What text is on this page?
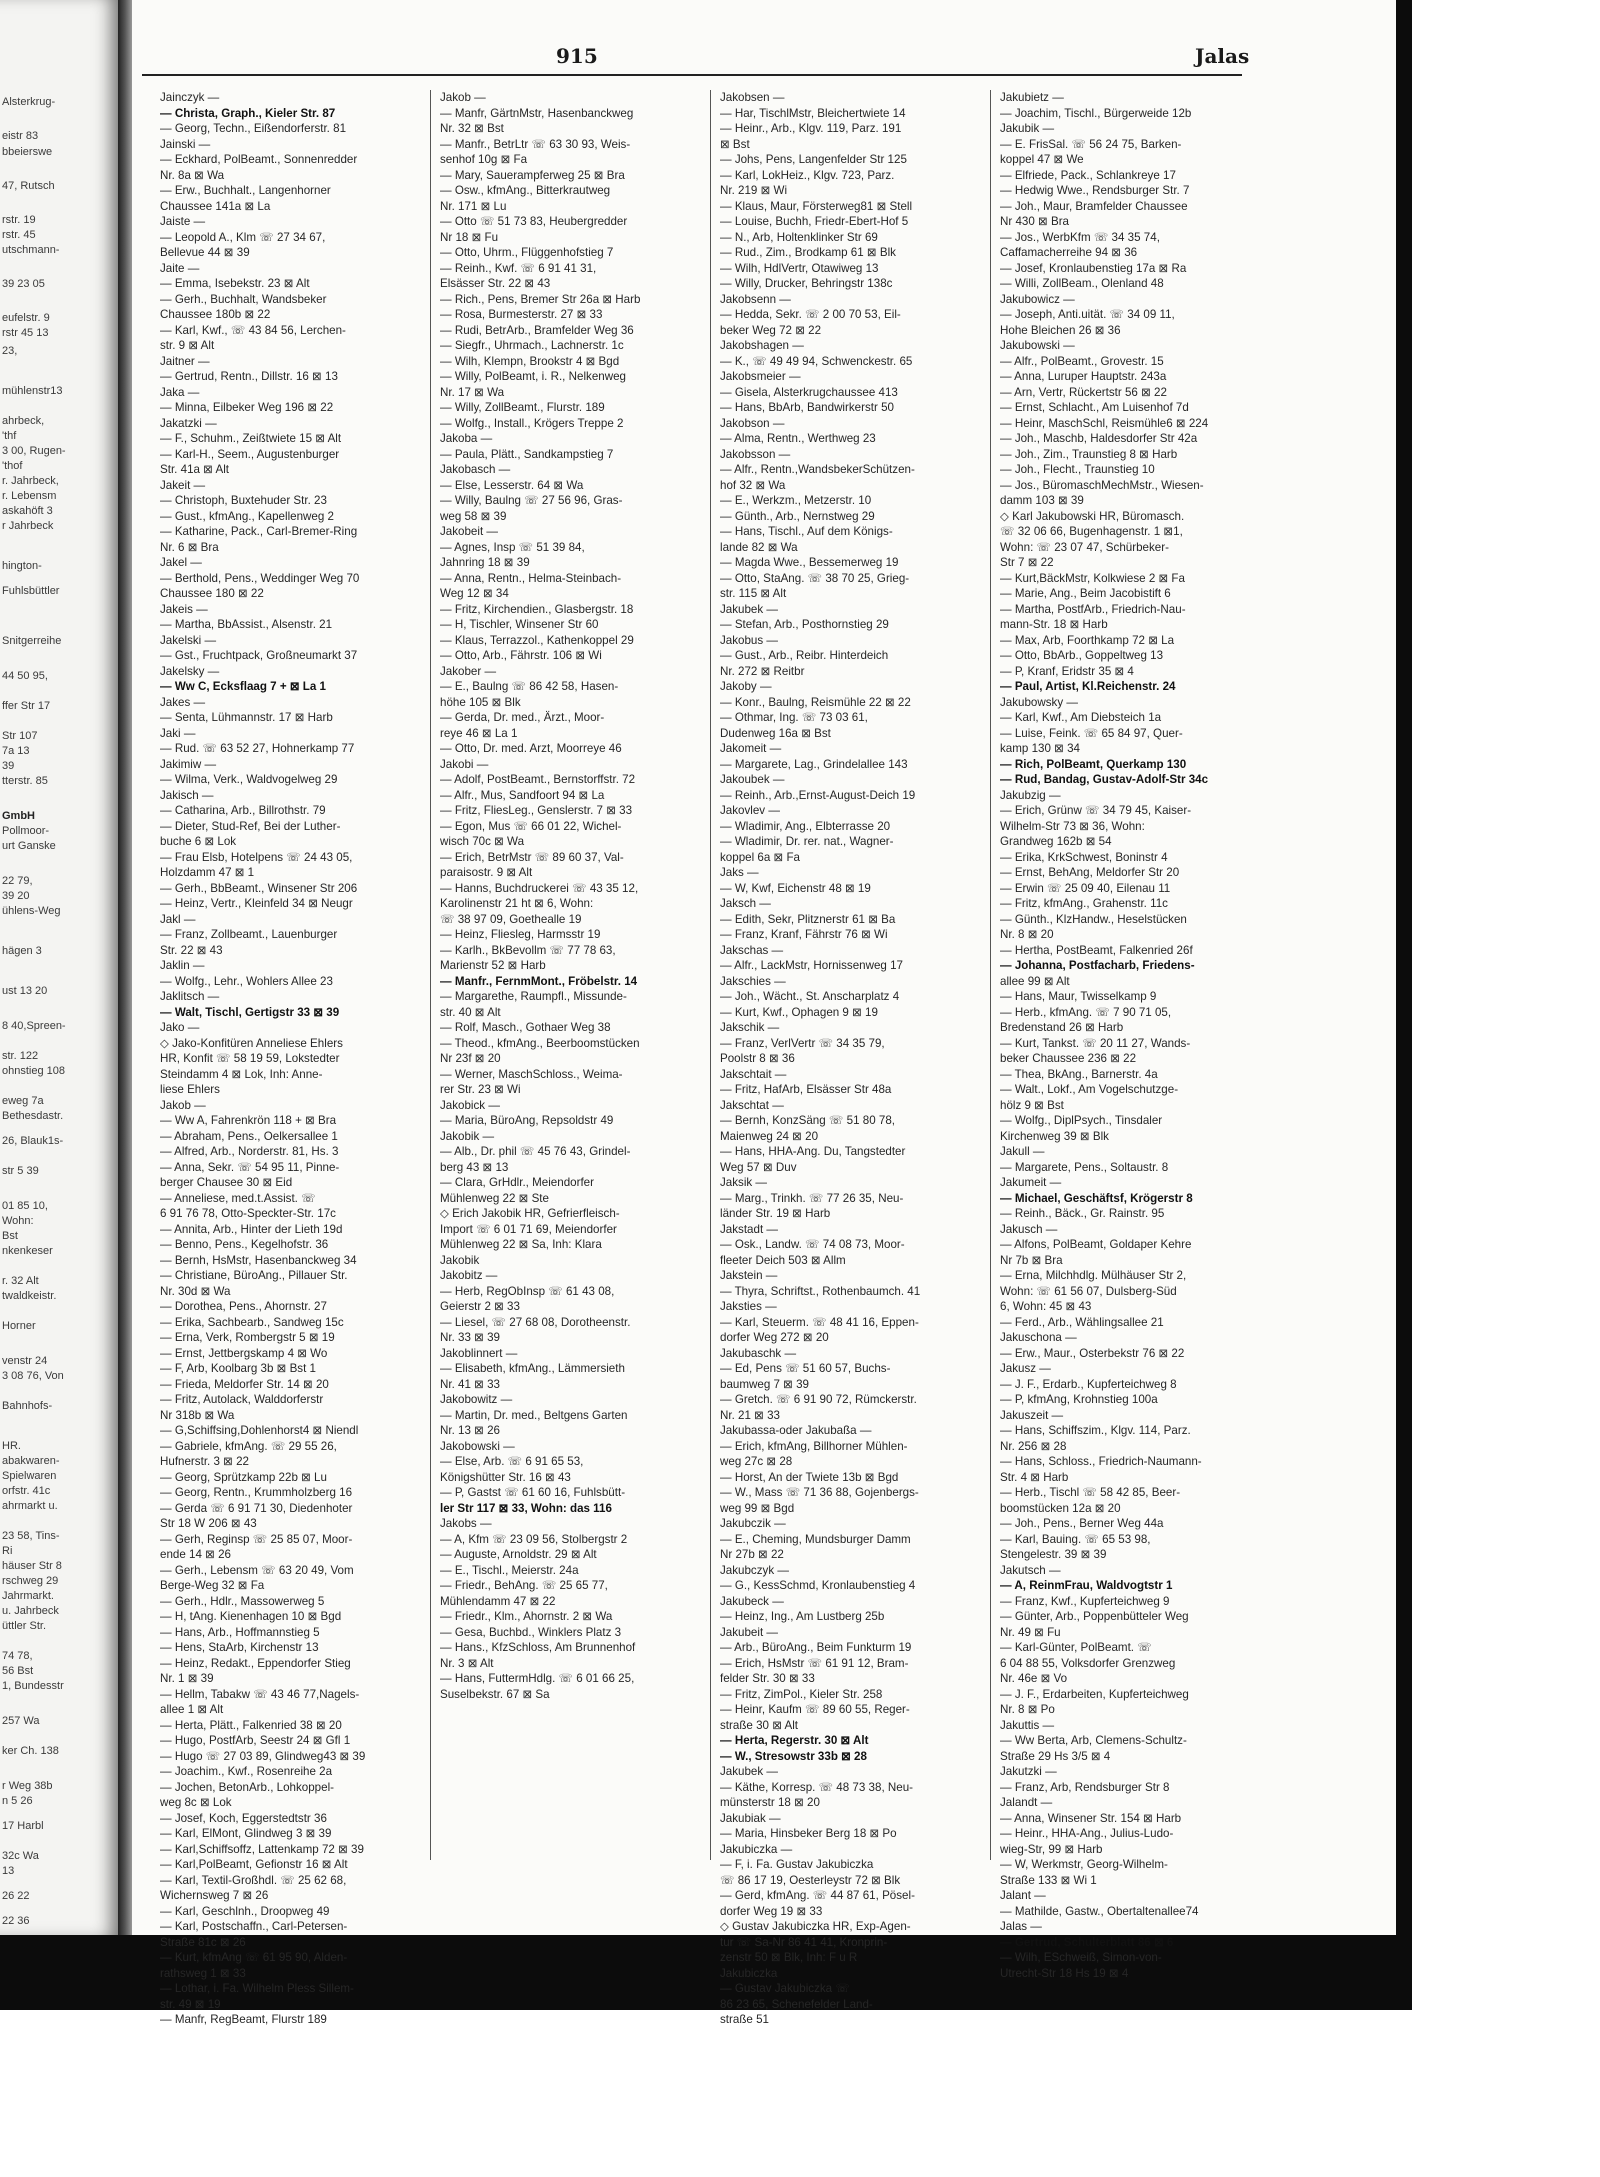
Alsterkrug-
eistr 83
bbeierswe
47, Rutsch
rstr. 19
rstr. 45
utschmann-
39 23 05
eufelstr. 9
rstr 45 13
23,
mühlenstr13
ahrbeck,
'thf
3 00, Rugen-
'thof
r. Jahrbeck,
r. Lebensm
askahöft 3
r Jahrbeck
hington-
Fuhlsbüttler
Snitgerreihe
44 50 95,
ffer Str 17
Str 107
7a 13
39
tterstr. 85
GmbH
Pollmoor-
urt Ganske
22 79,
39 20
ühlens-Weg
hägen 3
ust 13 20
8 40,Spreen-
str. 122
ohnstieg 108
eweg 7a
Bethesdastr.
26, Blauk1s-
str 5 39
01 85 10,
Wohn:
Bst
nkenkeser
r. 32 Alt
twaldkeistr.
Horner
venstr 24
3 08 76, Von
Bahnhofs-
HR.
abakwaren-
Spielwaren
orfstr. 41c
ahrmarkt u.
23 58, Tins-
Ri
häuser Str 8
rschweg 29
Jahrmarkt.
u. Jahrbeck
üttler Str.
74 78,
56 Bst
1, Bundesstr
257 Wa
ker Ch. 138
r Weg 38b
n 5 26
17 Harbl
32c Wa
13
26 22
22 36
915	Jalas
Jainczyk —
— Christa, Graph., Kieler Str. 87
— Georg, Techn., Eißendorferstr. 81
Jainski —
— Eckhard, PolBeamt., Sonnenredder
Nr. 8a ⊠ Wa
— Erw., Buchhalt., Langenhorner
Chaussee 141a ⊠ La
Jaiste —
— Leopold A., Klm ☏ 27 34 67,
Bellevue 44 ⊠ 39
Jaite —
— Emma, Isebekstr. 23 ⊠ Alt
— Gerh., Buchhalt, Wandsbeker
Chaussee 180b ⊠ 22
— Karl, Kwf., ☏ 43 84 56, Lerchen-
str. 9 ⊠ Alt
Jaitner —
— Gertrud, Rentn., Dillstr. 16 ⊠ 13
Jaka —
— Minna, Eilbeker Weg 196 ⊠ 22
Jakatzki —
— F., Schuhm., Zeißtwiete 15 ⊠ Alt
— Karl-H., Seem., Augustenburger
Str. 41a ⊠ Alt
Jakeit —
— Christoph, Buxtehuder Str. 23
— Gust., kfmAng., Kapellenweg 2
— Katharine, Pack., Carl-Bremer-Ring
Nr. 6 ⊠ Bra
Jakel —
— Berthold, Pens., Weddinger Weg 70
Chaussee 180 ⊠ 22
Jakeis —
— Martha, BbAssist., Alsenstr. 21
Jakelski —
— Gst., Fruchtpack, Großneumarkt 37
Jakelsky —
— Ww C, Ecksflaag 7 + ⊠ La 1
Jakes —
— Senta, Lühmannstr. 17 ⊠ Harb
Jaki —
— Rud. ☏ 63 52 27, Hohnerkamp 77
Jakimiw —
— Wilma, Verk., Waldvogelweg 29
Jakisch —
— Catharina, Arb., Billrothstr. 79
— Dieter, Stud-Ref, Bei der Luther-
buche 6 ⊠ Lok
— Frau Elsb, Hotelpens ☏ 24 43 05,
Holzdamm 47 ⊠ 1
— Gerh., BbBeamt., Winsener Str 206
— Heinz, Vertr., Kleinfeld 34 ⊠ Neugr
Jakl —
— Franz, Zollbeamt., Lauenburger
Str. 22 ⊠ 43
Jaklin —
— Wolfg., Lehr., Wohlers Allee 23
Jaklitsch —
— Walt, Tischl, Gertigstr 33 ⊠ 39
Jako —
◇ Jako-Konfitüren Anneliese Ehlers
HR, Konfit ☏ 58 19 59, Lokstedter
Steindamm 4 ⊠ Lok, Inh: Anne-
liese Ehlers
Jakob —
— Ww A, Fahrenkrön 118 + ⊠ Bra
— Abraham, Pens., Oelkersallee 1
— Alfred, Arb., Norderstr. 81, Hs. 3
— Anna, Sekr. ☏ 54 95 11, Pinne-
berger Chausee 30 ⊠ Eid
— Anneliese, med.t.Assist. ☏
6 91 76 78, Otto-Speckter-Str. 17c
— Annita, Arb., Hinter der Lieth 19d
— Benno, Pens., Kegelhofstr. 36
— Bernh, HsMstr, Hasenbanckweg 34
— Christiane, BüroAng., Pillauer Str.
Nr. 30d ⊠ Wa
— Dorothea, Pens., Ahornstr. 27
— Erika, Sachbearb., Sandweg 15c
— Erna, Verk, Rombergstr 5 ⊠ 19
— Ernst, Jettbergskamp 4 ⊠ Wo
— F, Arb, Koolbarg 3b ⊠ Bst 1
— Frieda, Meldorfer Str. 14 ⊠ 20
— Fritz, Autolack, Walddorferstr
Nr 318b ⊠ Wa
— G,Schiffsing,Dohlenhorst4 ⊠ Niendl
— Gabriele, kfmAng. ☏ 29 55 26,
Hufnerstr. 3 ⊠ 22
— Georg, Sprützkamp 22b ⊠ Lu
— Georg, Rentn., Krummholzberg 16
— Gerda ☏ 6 91 71 30, Diedenhoter
Str 18 W 206 ⊠ 43
— Gerh, Reginsp ☏ 25 85 07, Moor-
ende 14 ⊠ 26
— Gerh., Lebensm ☏ 63 20 49, Vom
Berge-Weg 32 ⊠ Fa
— Gerh., Hdlr., Massowerweg 5
— H, tAng. Kienenhagen 10 ⊠ Bgd
— Hans, Arb., Hoffmannstieg 5
— Hens, StaArb, Kirchenstr 13
— Heinz, Redakt., Eppendorfer Stieg
Nr. 1 ⊠ 39
— Hellm, Tabakw ☏ 43 46 77,Nagels-
allee 1 ⊠ Alt
— Herta, Plätt., Falkenried 38 ⊠ 20
— Hugo, PostfArb, Seestr 24 ⊠ Gfl 1
— Hugo ☏ 27 03 89, Glindweg43 ⊠ 39
— Joachim., Kwf., Rosenreihe 2a
— Jochen, BetonArb., Lohkoppel-
weg 8c ⊠ Lok
— Josef, Koch, Eggerstedtstr 36
— Karl, ElMont, Glindweg 3 ⊠ 39
— Karl,Schiffsoffz, Lattenkamp 72 ⊠ 39
— Karl,PolBeamt, Gefionstr 16 ⊠ Alt
— Karl, Textil-Großhdl. ☏ 25 62 68,
Wichernsweg 7 ⊠ 26
— Karl, Geschlnh., Droopweg 49
— Karl, Postschaffn., Carl-Petersen-
Straße 81c ⊠ 26
— Kurt, kfmAng ☏ 61 95 90, Alden-
rathsweg 1 ⊠ 33
— Lothar, i. Fa. Wilhelm Pless Sillem-
str. 49 ⊠ 19
— Manfr, RegBeamt, Flurstr 189
Jakob —
— Manfr, GärtnMstr, Hasenbanckweg
Nr. 32 ⊠ Bst
— Manfr., BetrLtr ☏ 63 30 93, Weis-
senhof 10g ⊠ Fa
— Mary, Sauerampferweg 25 ⊠ Bra
— Osw., kfmAng., Bitterkrautweg
Nr. 171 ⊠ Lu
— Otto ☏ 51 73 83, Heubergredder
Nr 18 ⊠ Fu
— Otto, Uhrm., Flüggenhofstieg 7
— Reinh., Kwf. ☏ 6 91 41 31,
Elsässer Str. 22 ⊠ 43
— Rich., Pens, Bremer Str 26a ⊠ Harb
— Rosa, Burmesterstr. 27 ⊠ 33
— Rudi, BetrArb., Bramfelder Weg 36
— Siegfr., Uhrmach., Lachnerstr. 1c
— Wilh, Klempn, Brookstr 4 ⊠ Bgd
— Willy, PolBeamt, i. R., Nelkenweg
Nr. 17 ⊠ Wa
— Willy, ZollBeamt., Flurstr. 189
— Wolfg., Install., Krögers Treppe 2
Jakoba —
— Paula, Plätt., Sandkampstieg 7
Jakobasch —
— Else, Lesserstr. 64 ⊠ Wa
— Willy, Baulng ☏ 27 56 96, Gras-
weg 58 ⊠ 39
Jakobeit —
— Agnes, Insp ☏ 51 39 84,
Jahnring 18 ⊠ 39
— Anna, Rentn., Helma-Steinbach-
Weg 12 ⊠ 34
— Fritz, Kirchendien., Glasbergstr. 18
— H, Tischler, Winsener Str 60
— Klaus, Terrazzol., Kathenkoppel 29
— Otto, Arb., Fährstr. 106 ⊠ Wi
Jakober —
— E., Baulng ☏ 86 42 58, Hasen-
höhe 105 ⊠ Blk
— Gerda, Dr. med., Ärzt., Moor-
reye 46 ⊠ La 1
— Otto, Dr. med. Arzt, Moorreye 46
Jakobi —
— Adolf, PostBeamt., Bernstorffstr. 72
— Alfr., Mus, Sandfoort 94 ⊠ La
— Fritz, FliesLeg., Genslerstr. 7 ⊠ 33
— Egon, Mus ☏ 66 01 22, Wichel-
wisch 70c ⊠ Wa
— Erich, BetrMstr ☏ 89 60 37, Val-
paraisostr. 9 ⊠ Alt
— Hanns, Buchdruckerei ☏ 43 35 12,
Karolinenstr 21 ht ⊠ 6, Wohn:
☏ 38 97 09, Goethealle 19
— Heinz, Fliesleg, Harmsstr 19
— Karlh., BkBevollm ☏ 77 78 63,
Marienstr 52 ⊠ Harb
— Manfr., FernmMont., Fröbelstr. 14
— Margarethe, Raumpfl., Missunde-
str. 40 ⊠ Alt
— Rolf, Masch., Gothaer Weg 38
— Theod., kfmAng., Beerboomstücken
Nr 23f ⊠ 20
— Werner, MaschSchloss., Weima-
rer Str. 23 ⊠ Wi
Jakobick —
— Maria, BüroAng, Repsoldstr 49
Jakobik —
— Alb., Dr. phil ☏ 45 76 43, Grindel-
berg 43 ⊠ 13
— Clara, GrHdlr., Meiendorfer
Mühlenweg 22 ⊠ Ste
◇ Erich Jakobik HR, Gefrierfleisch-
Import ☏ 6 01 71 69, Meiendorfer
Mühlenweg 22 ⊠ Sa, Inh: Klara
Jakobik
Jakobitz —
— Herb, RegObInsp ☏ 61 43 08,
Geierstr 2 ⊠ 33
— Liesel, ☏ 27 68 08, Dorotheenstr.
Nr. 33 ⊠ 39
Jakoblinnert —
— Elisabeth, kfmAng., Lämmersieth
Nr. 41 ⊠ 33
Jakobowitz —
— Martin, Dr. med., Beltgens Garten
Nr. 13 ⊠ 26
Jakobowski —
— Else, Arb. ☏ 6 91 65 53,
Königshütter Str. 16 ⊠ 43
— P, Gastst ☏ 61 60 16, Fuhlsbütt-
ler Str 117 ⊠ 33, Wohn: das 116
Jakobs —
— A, Kfm ☏ 23 09 56, Stolbergstr 2
— Auguste, Arnoldstr. 29 ⊠ Alt
— E., Tischl., Meierstr. 24a
— Friedr., BehAng. ☏ 25 65 77,
Mühlendamm 47 ⊠ 22
— Friedr., Klm., Ahornstr. 2 ⊠ Wa
— Gesa, Buchbd., Winklers Platz 3
— Hans., KfzSchloss, Am Brunnenhof
Nr. 3 ⊠ Alt
— Hans, FuttermHdlg. ☏ 6 01 66 25,
Suselbekstr. 67 ⊠ Sa
Jakobsen —
— Har, TischlMstr, Bleichertwiete 14
— Heinr., Arb., Klgv. 119, Parz. 191
⊠ Bst
— Johs, Pens, Langenfelder Str 125
— Karl, LokHeiz., Klgv. 723, Parz.
Nr. 219 ⊠ Wi
— Klaus, Maur, Försterweg81 ⊠ Stell
— Louise, Buchh, Friedr-Ebert-Hof 5
— N., Arb, Holtenklinker Str 69
— Rud., Zim., Brodkamp 61 ⊠ Blk
— Wilh, HdlVertr, Otawiweg 13
— Willy, Drucker, Behringstr 138c
Jakobsenn —
— Hedda, Sekr. ☏ 2 00 70 53, Eil-
beker Weg 72 ⊠ 22
Jakobshagen —
— K., ☏ 49 49 94, Schwenckestr. 65
Jakobsmeier —
— Gisela, Alsterkrugchaussee 413
— Hans, BbArb, Bandwirkerstr 50
Jakobson —
— Alma, Rentn., Werthweg 23
Jakobsson —
— Alfr., Rentn.,WandsbekerSchützen-
hof 32 ⊠ Wa
— E., Werkzm., Metzerstr. 10
— Günth., Arb., Nernstweg 29
— Hans, Tischl., Auf dem Königs-
lande 82 ⊠ Wa
— Magda Wwe., Bessemerweg 19
— Otto, StaAng. ☏ 38 70 25, Grieg-
str. 115 ⊠ Alt
Jakubek —
— Stefan, Arb., Posthornstieg 29
Jakobus —
— Gust., Arb., Reibr. Hinterdeich
Nr. 272 ⊠ Reitbr
Jakoby —
— Konr., Baulng, Reismühle 22 ⊠ 22
— Othmar, Ing. ☏ 73 03 61,
Dudenweg 16a ⊠ Bst
Jakomeit —
— Margarete, Lag., Grindelallee 143
Jakoubek —
— Reinh., Arb.,Ernst-August-Deich 19
Jakovlev —
— Wladimir, Ang., Elbterrasse 20
— Wladimir, Dr. rer. nat., Wagner-
koppel 6a ⊠ Fa
Jaks —
— W, Kwf, Eichenstr 48 ⊠ 19
Jaksch —
— Edith, Sekr, Plitznerstr 61 ⊠ Ba
— Franz, Kranf, Fährstr 76 ⊠ Wi
Jakschas —
— Alfr., LackMstr, Hornissenweg 17
Jakschies —
— Joh., Wächt., St. Anscharplatz 4
— Kurt, Kwf., Ophagen 9 ⊠ 19
Jakschik —
— Franz, VerlVertr ☏ 34 35 79,
Poolstr 8 ⊠ 36
Jakschtait —
— Fritz, HafArb, Elsässer Str 48a
Jakschtat —
— Bernh, KonzSäng ☏ 51 80 78,
Maienweg 24 ⊠ 20
— Hans, HHA-Ang. Du, Tangstedter
Weg 57 ⊠ Duv
Jaksik —
— Marg., Trinkh. ☏ 77 26 35, Neu-
länder Str. 19 ⊠ Harb
Jakstadt —
— Osk., Landw. ☏ 74 08 73, Moor-
fleeter Deich 503 ⊠ Allm
Jakstein —
— Thyra, Schriftst., Rothenbaumch. 41
Jaksties —
— Karl, Steuerm. ☏ 48 41 16, Eppen-
dorfer Weg 272 ⊠ 20
Jakubaschk —
— Ed, Pens ☏ 51 60 57, Buchs-
baumweg 7 ⊠ 39
— Gretch. ☏ 6 91 90 72, Rümckerstr.
Nr. 21 ⊠ 33
Jakubassa-oder Jakubaßa —
— Erich, kfmAng, Billhorner Mühlen-
weg 27c ⊠ 28
— Horst, An der Twiete 13b ⊠ Bgd
— W., Mass ☏ 71 36 88, Gojenbergs-
weg 99 ⊠ Bgd
Jakubczik —
— E., Cheming, Mundsburger Damm
Nr 27b ⊠ 22
Jakubczyk —
— G., KessSchmd, Kronlaubenstieg 4
Jakubeck —
— Heinz, Ing., Am Lustberg 25b
Jakubeit —
— Arb., BüroAng., Beim Funkturm 19
— Erich, HsMstr ☏ 61 91 12, Bram-
felder Str. 30 ⊠ 33
— Fritz, ZimPol., Kieler Str. 258
— Heinr, Kaufm ☏ 89 60 55, Reger-
straße 30 ⊠ Alt
— Herta, Regerstr. 30 ⊠ Alt
— W., Stresowstr 33b ⊠ 28
Jakubek —
— Käthe, Korresp. ☏ 48 73 38, Neu-
münsterstr 18 ⊠ 20
Jakubiak —
— Maria, Hinsbeker Berg 18 ⊠ Po
Jakubiczka —
— F, i. Fa. Gustav Jakubiczka
☏ 86 17 19, Oesterleystr 72 ⊠ Blk
— Gerd, kfmAng. ☏ 44 87 61, Pösel-
dorfer Weg 19 ⊠ 33
◇ Gustav Jakubiczka HR, Exp-Agen-
tur ☏ Sa-Nr 86 41 41, Kronprin-
zenstr 50 ⊠ Blk, Inh: F u R
Jakubiczka
— Gustav Jakubiczka ☏
86 23 65, Schenefelder Land-
straße 51
Jakubietz —
— Joachim, Tischl., Bürgerweide 12b
Jakubik —
— E. FrisSal. ☏ 56 24 75, Barken-
koppel 47 ⊠ We
— Elfriede, Pack., Schlankreye 17
— Hedwig Wwe., Rendsburger Str. 7
— Joh., Maur, Bramfelder Chaussee
Nr 430 ⊠ Bra
— Jos., WerbKfm ☏ 34 35 74,
Caffamacherreihe 94 ⊠ 36
— Josef, Kronlaubenstieg 17a ⊠ Ra
— Willi, ZollBeam., Olenland 48
Jakubowicz —
— Joseph, Anti.uität. ☏ 34 09 11,
Hohe Bleichen 26 ⊠ 36
Jakubowski —
— Alfr., PolBeamt., Grovestr. 15
— Anna, Luruper Hauptstr. 243a
— Arn, Vertr, Rückertstr 56 ⊠ 22
— Ernst, Schlacht., Am Luisenhof 7d
— Heinr, MaschSchl, Reismühle6 ⊠ 224
— Joh., Maschb, Haldesdorfer Str 42a
— Joh., Zim., Traunstieg 8 ⊠ Harb
— Joh., Flecht., Traunstieg 10
— Jos., BüromaschMechMstr., Wiesen-
damm 103 ⊠ 39
◇ Karl Jakubowski HR, Büromasch.
☏ 32 06 66, Bugenhagenstr. 1 ⊠1,
Wohn: ☏ 23 07 47, Schürbeker-
Str 7 ⊠ 22
— Kurt,BäckMstr, Kolkwiese 2 ⊠ Fa
— Marie, Ang., Beim Jacobistift 6
— Martha, PostfArb., Friedrich-Nau-
mann-Str. 18 ⊠ Harb
— Max, Arb, Foorthkamp 72 ⊠ La
— Otto, BbArb., Goppeltweg 13
— P, Kranf, Eridstr 35 ⊠ 4
— Paul, Artist, Kl.Reichenstr. 24
Jakubowsky —
— Karl, Kwf., Am Diebsteich 1a
— Luise, Feink. ☏ 65 84 97, Quer-
kamp 130 ⊠ 34
— Rich, PolBeamt, Querkamp 130
— Rud, Bandag, Gustav-Adolf-Str 34c
Jakubzig —
— Erich, Grünw ☏ 34 79 45, Kaiser-
Wilhelm-Str 73 ⊠ 36, Wohn:
Grandweg 162b ⊠ 54
— Erika, KrkSchwest, Boninstr 4
— Ernst, BehAng, Meldorfer Str 20
— Erwin ☏ 25 09 40, Eilenau 11
— Fritz, kfmAng., Grahenstr. 11c
— Günth., KlzHandw., Heselstücken
Nr. 8 ⊠ 20
— Hertha, PostBeamt, Falkenried 26f
— Johanna, Postfacharb, Friedens-
allee 99 ⊠ Alt
— Hans, Maur, Twisselkamp 9
— Herb., kfmAng. ☏ 7 90 71 05,
Bredenstand 26 ⊠ Harb
— Kurt, Tankst. ☏ 20 11 27, Wands-
beker Chaussee 236 ⊠ 22
— Thea, BkAng., Barnerstr. 4a
— Walt., Lokf., Am Vogelschutzge-
hölz 9 ⊠ Bst
— Wolfg., DiplPsych., Tinsdaler
Kirchenweg 39 ⊠ Blk
Jakull —
— Margarete, Pens., Soltaustr. 8
Jakumeit —
— Michael, Geschäftsf, Krögerstr 8
— Reinh., Bäck., Gr. Rainstr. 95
Jakusch —
— Alfons, PolBeamt, Goldaper Kehre
Nr 7b ⊠ Bra
— Erna, Milchhdlg. Mülhäuser Str 2,
Wohn: ☏ 61 56 07, Dulsberg-Süd
6, Wohn: 45 ⊠ 43
— Ferd., Arb., Wählingsallee 21
Jakuschona —
— Erw., Maur., Osterbekstr 76 ⊠ 22
Jakusz —
— J. F., Erdarb., Kupferteichweg 8
— P, kfmAng, Krohnstieg 100a
Jakuszeit —
— Hans, Schiffszim., Klgv. 114, Parz.
Nr. 256 ⊠ 28
— Hans, Schloss., Friedrich-Naumann-
Str. 4 ⊠ Harb
— Herb., Tischl ☏ 58 42 85, Beer-
boomstücken 12a ⊠ 20
— Joh., Pens., Berner Weg 44a
— Karl, Bauing. ☏ 65 53 98,
Stengelestr. 39 ⊠ 39
Jakutsch —
— A, ReinmFrau, Waldvogtstr 1
— Franz, Kwf., Kupferteichweg 9
— Günter, Arb., Poppenbütteler Weg
Nr. 49 ⊠ Fu
— Karl-Günter, PolBeamt. ☏
6 04 88 55, Volksdorfer Grenzweg
Nr. 46e ⊠ Vo
— J. F., Erdarbeiten, Kupferteichweg
Nr. 8 ⊠ Po
Jakuttis —
— Ww Berta, Arb, Clemens-Schultz-
Straße 29 Hs 3/5 ⊠ 4
Jakutzki —
— Franz, Arb, Rendsburger Str 8
Jalandt —
— Anna, Winsener Str. 154 ⊠ Harb
— Heinr., HHA-Ang., Julius-Ludo-
wieg-Str, 99 ⊠ Harb
— W, Werkmstr, Georg-Wilhelm-
Straße 133 ⊠ Wi 1
Jalant —
— Mathilde, Gastw., Obertaltenallee74
Jalas —
— Gertrud, Schulterblatt 86 ⊠ 6
— Wilh, ESchweiß, Simon-von-
Utrecht-Str 18 Hs 19 ⊠ 4
